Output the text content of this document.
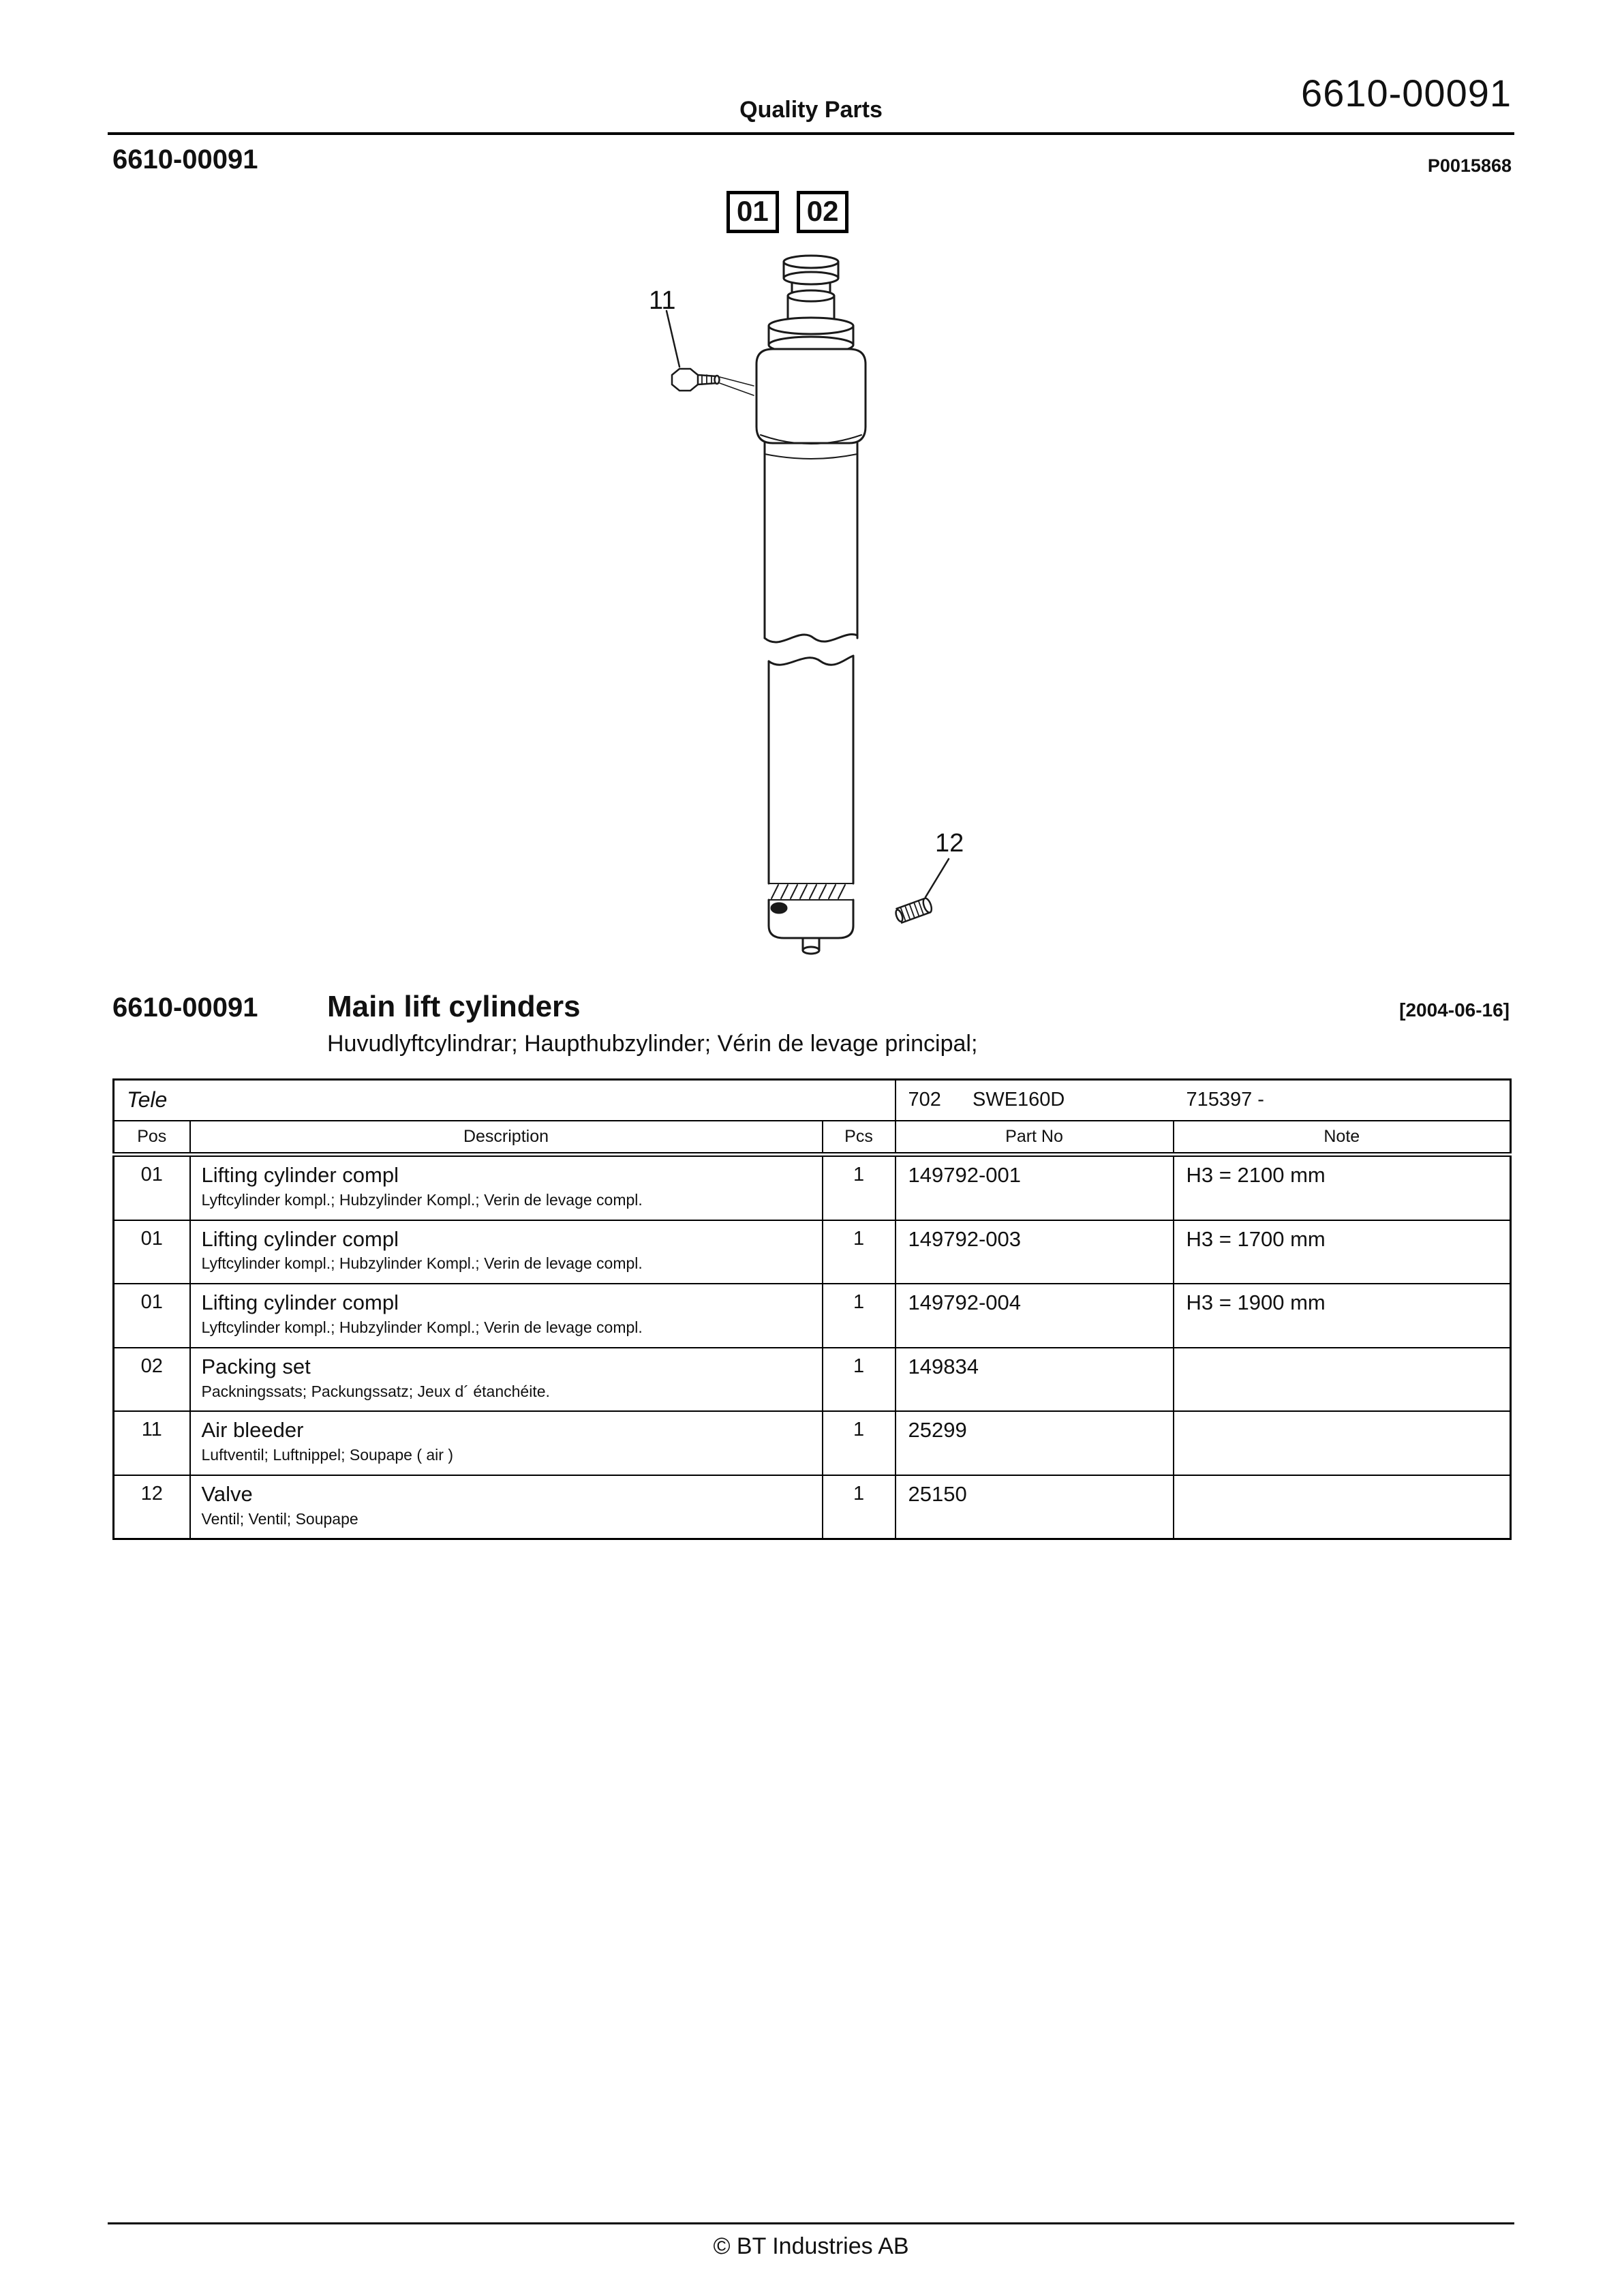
Quality Parts	6610-00091
6610-00091	P0015868
01	02
11
12
6610-00091	Main lift cylinders	[2004-06-16]
Huvudlyftcylindrar; Haupthubzylinder; Vérin de levage principal;
Tele			702 SWE160D 715397 -	
Pos	Description	Pcs	Part No	Note
01	Lifting cylinder compl
Lyftcylinder kompl.; Hubzylinder Kompl.; Verin de levage compl.	1	149792-001	H3 = 2100 mm
01	Lifting cylinder compl
Lyftcylinder kompl.; Hubzylinder Kompl.; Verin de levage compl.	1	149792-003	H3 = 1700 mm
01	Lifting cylinder compl
Lyftcylinder kompl.; Hubzylinder Kompl.; Verin de levage compl.	1	149792-004	H3 = 1900 mm
02	Packing set
Packningssats; Packungssatz; Jeux d´ étanchéite.	1	149834	
11	Air bleeder
Luftventil; Luftnippel; Soupape ( air )	1	25299	
12	Valve
Ventil; Ventil; Soupape	1	25150	
© BT Industries AB
